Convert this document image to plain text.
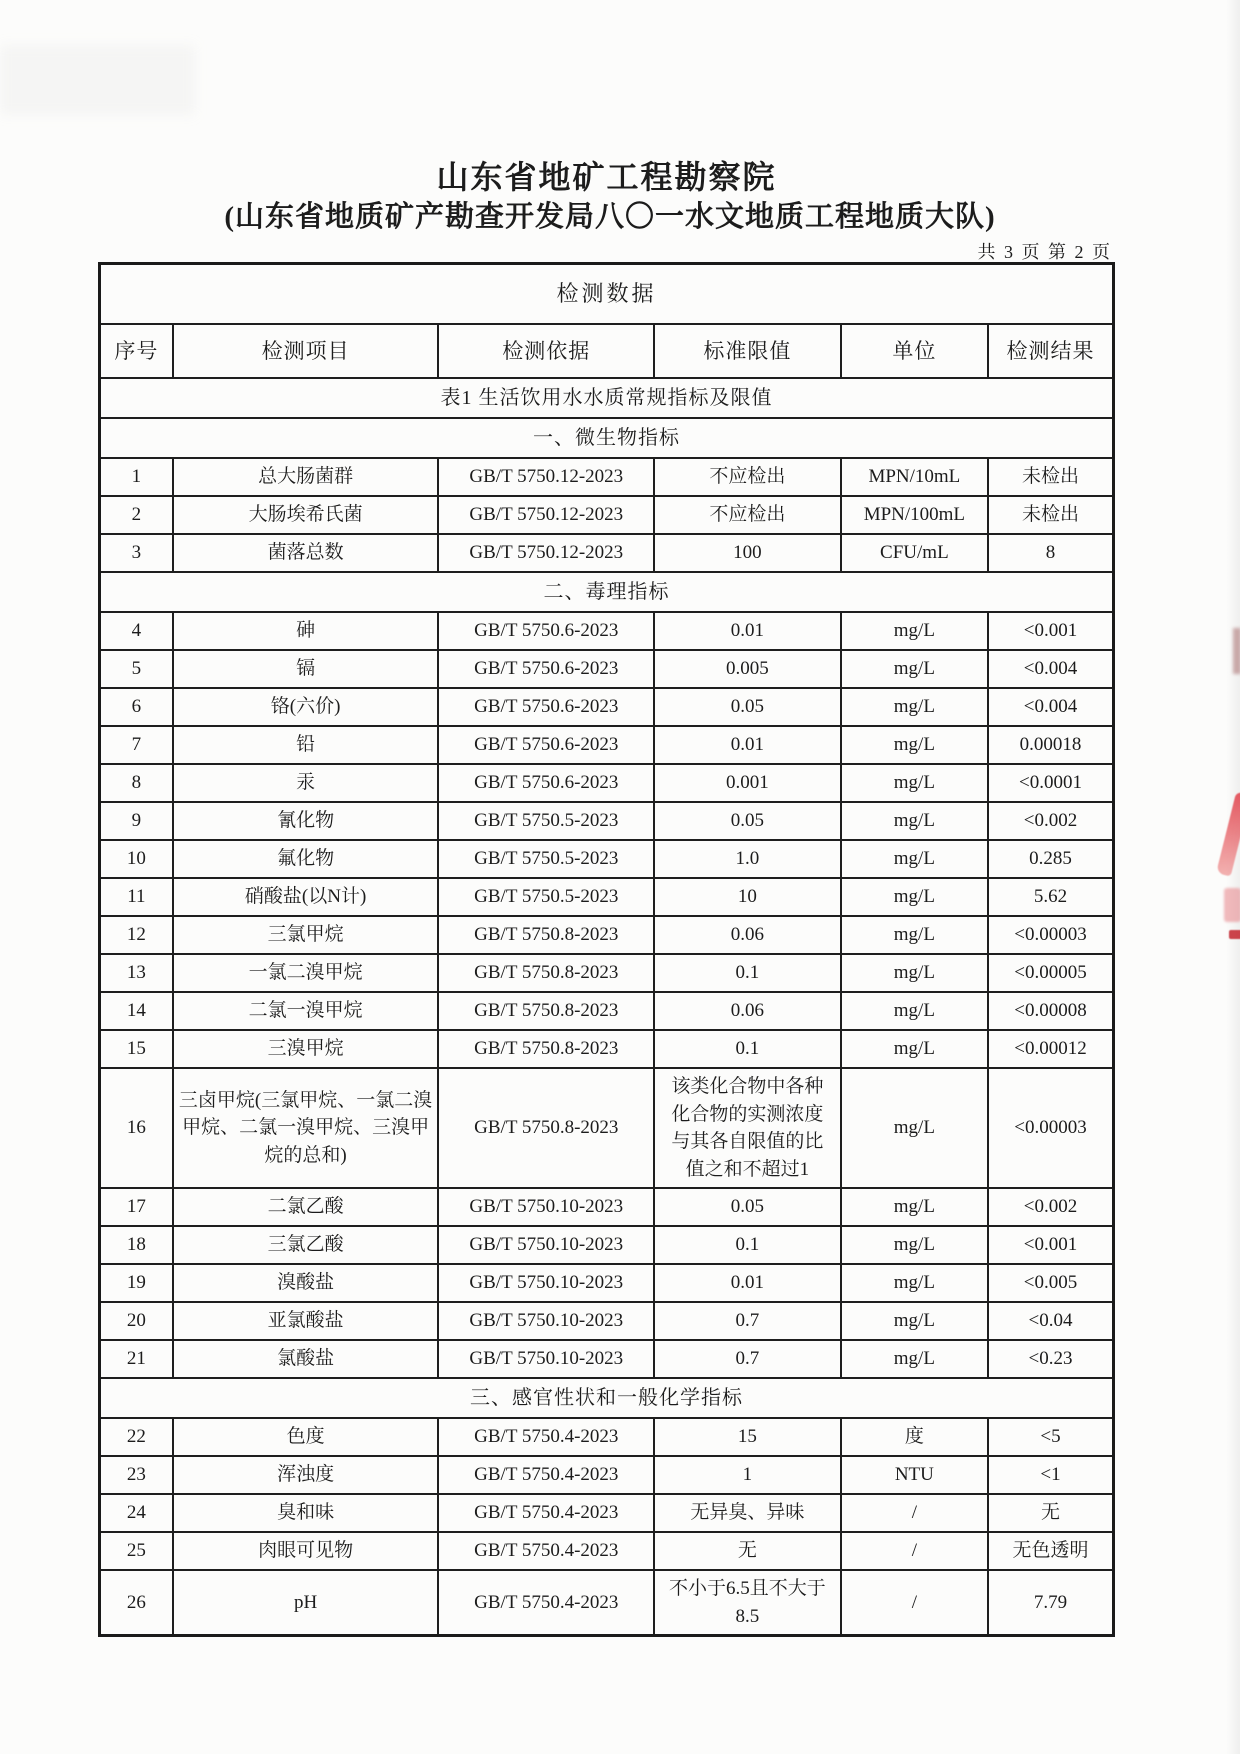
山东省地矿工程勘察院
(山东省地质矿产勘查开发局八〇一水文地质工程地质大队)
共 3 页 第 2 页
检测数据					
序号	检测项目	检测依据	标准限值	单位	检测结果
表1 生活饮用水水质常规指标及限值					
一、微生物指标					
1	总大肠菌群	GB/T 5750.12-2023	不应检出	MPN/10mL	未检出
2	大肠埃希氏菌	GB/T 5750.12-2023	不应检出	MPN/100mL	未检出
3	菌落总数	GB/T 5750.12-2023	100	CFU/mL	8
二、毒理指标					
4	砷	GB/T 5750.6-2023	0.01	mg/L	<0.001
5	镉	GB/T 5750.6-2023	0.005	mg/L	<0.004
6	铬(六价)	GB/T 5750.6-2023	0.05	mg/L	<0.004
7	铅	GB/T 5750.6-2023	0.01	mg/L	0.00018
8	汞	GB/T 5750.6-2023	0.001	mg/L	<0.0001
9	氰化物	GB/T 5750.5-2023	0.05	mg/L	<0.002
10	氟化物	GB/T 5750.5-2023	1.0	mg/L	0.285
11	硝酸盐(以N计)	GB/T 5750.5-2023	10	mg/L	5.62
12	三氯甲烷	GB/T 5750.8-2023	0.06	mg/L	<0.00003
13	一氯二溴甲烷	GB/T 5750.8-2023	0.1	mg/L	<0.00005
14	二氯一溴甲烷	GB/T 5750.8-2023	0.06	mg/L	<0.00008
15	三溴甲烷	GB/T 5750.8-2023	0.1	mg/L	<0.00012
16	三卤甲烷(三氯甲烷、一氯二溴甲烷、二氯一溴甲烷、三溴甲烷的总和)	GB/T 5750.8-2023	该类化合物中各种化合物的实测浓度与其各自限值的比值之和不超过1	mg/L	<0.00003
17	二氯乙酸	GB/T 5750.10-2023	0.05	mg/L	<0.002
18	三氯乙酸	GB/T 5750.10-2023	0.1	mg/L	<0.001
19	溴酸盐	GB/T 5750.10-2023	0.01	mg/L	<0.005
20	亚氯酸盐	GB/T 5750.10-2023	0.7	mg/L	<0.04
21	氯酸盐	GB/T 5750.10-2023	0.7	mg/L	<0.23
三、感官性状和一般化学指标					
22	色度	GB/T 5750.4-2023	15	度	<5
23	浑浊度	GB/T 5750.4-2023	1	NTU	<1
24	臭和味	GB/T 5750.4-2023	无异臭、异味	/	无
25	肉眼可见物	GB/T 5750.4-2023	无	/	无色透明
26	pH	GB/T 5750.4-2023	不小于6.5且不大于8.5	/	7.79
